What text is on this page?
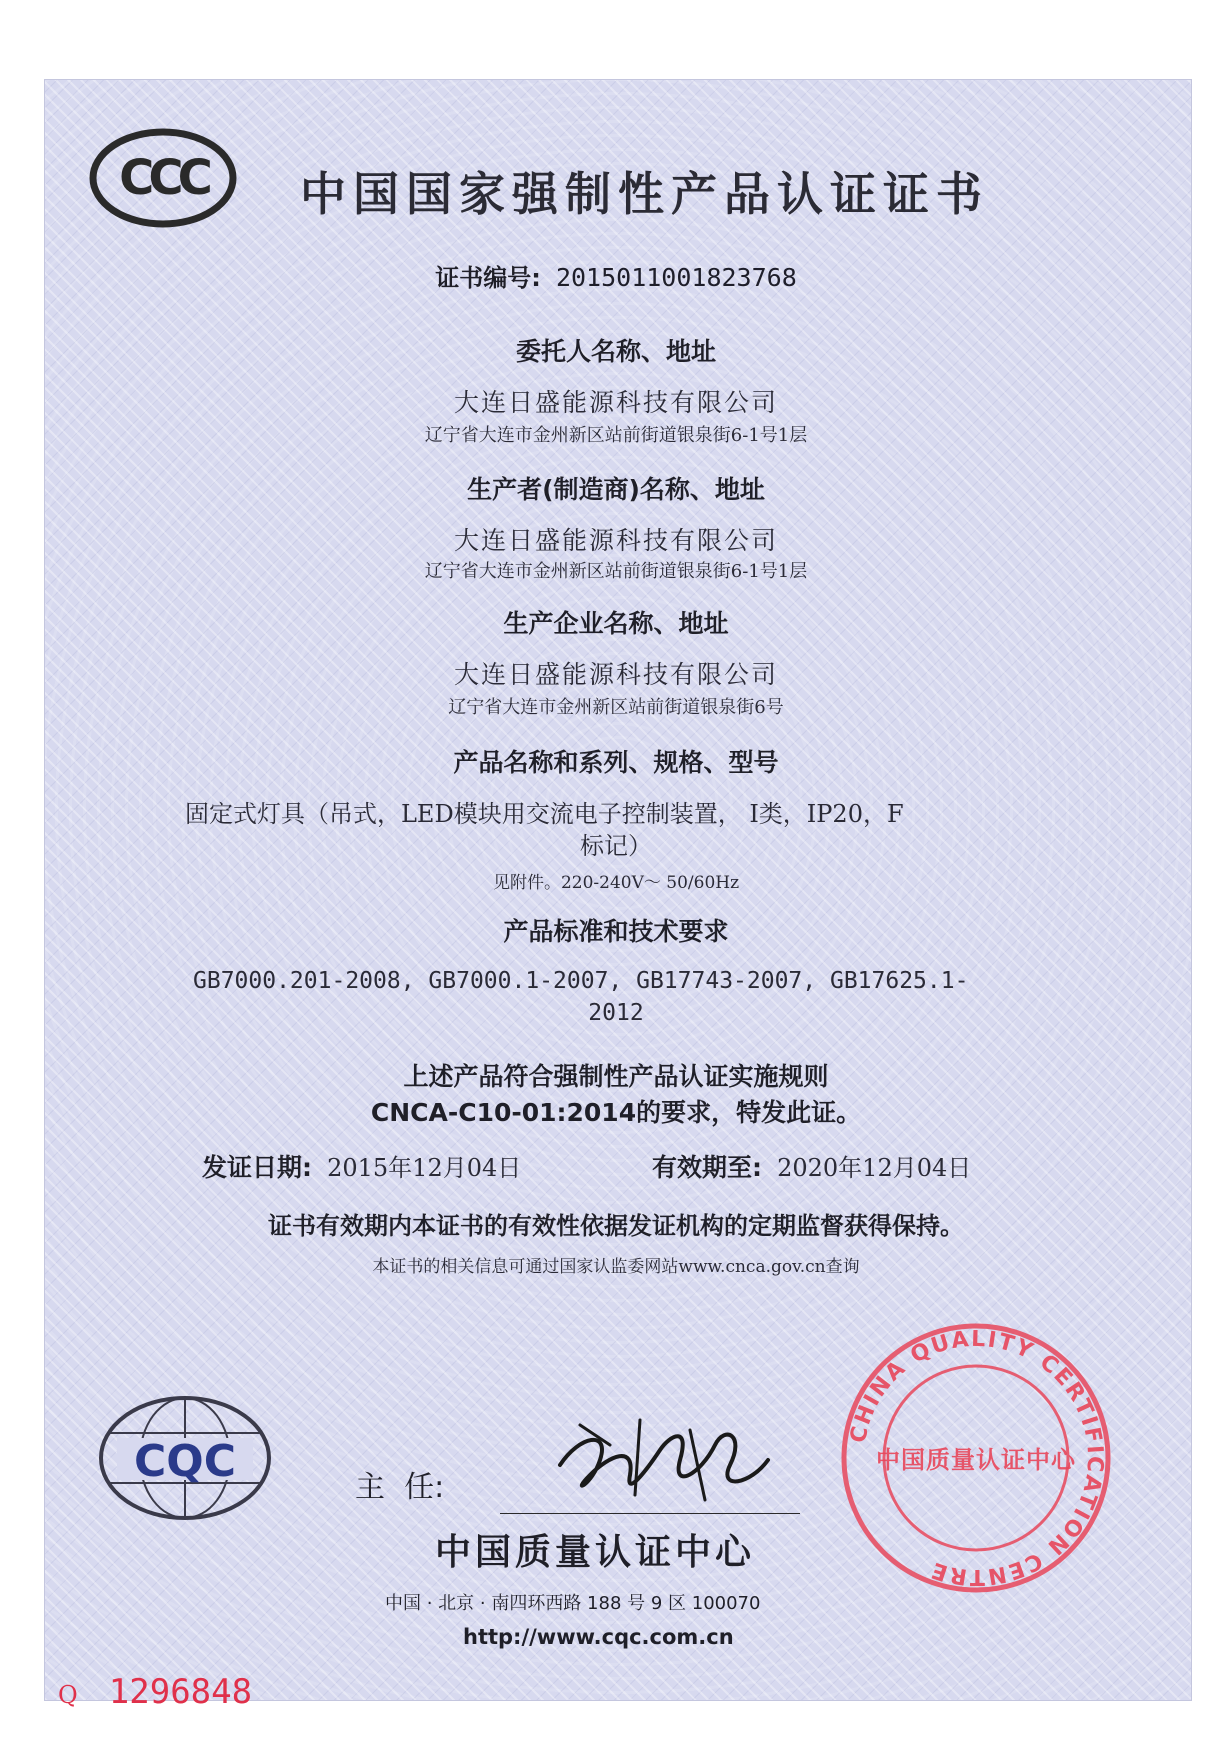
CCC 中国国家强制性产品认证证书
证书编号: 2015011001823768
委托人名称、地址
大连日盛能源科技有限公司
辽宁省大连市金州新区站前街道银泉街6-1号1层
生产者(制造商)名称、地址
大连日盛能源科技有限公司
辽宁省大连市金州新区站前街道银泉街6-1号1层
生产企业名称、地址
大连日盛能源科技有限公司
辽宁省大连市金州新区站前街道银泉街6号
产品名称和系列、规格、型号
固定式灯具（吊式，LED模块用交流电子控制装置， Ⅰ类，IP20，F
标记）
见附件。220-240V～ 50/60Hz
产品标准和技术要求
GB7000.201-2008, GB7000.1-2007, GB17743-2007, GB17625.1-
2012
上述产品符合强制性产品认证实施规则
CNCA-C10-01:2014的要求，特发此证。
发证日期: 2015年12月04日	有效期至: 2020年12月04日
证书有效期内本证书的有效性依据发证机构的定期监督获得保持。
本证书的相关信息可通过国家认监委网站www.cnca.gov.cn查询
CQC
主  任:
中国质量认证中心
中国 · 北京 · 南四环西路 188 号 9 区 100070
http://www.cqc.com.cn
CHINA QUALITY CERTIFICATION CENTRE
中国质量认证中心
Q 1296848
